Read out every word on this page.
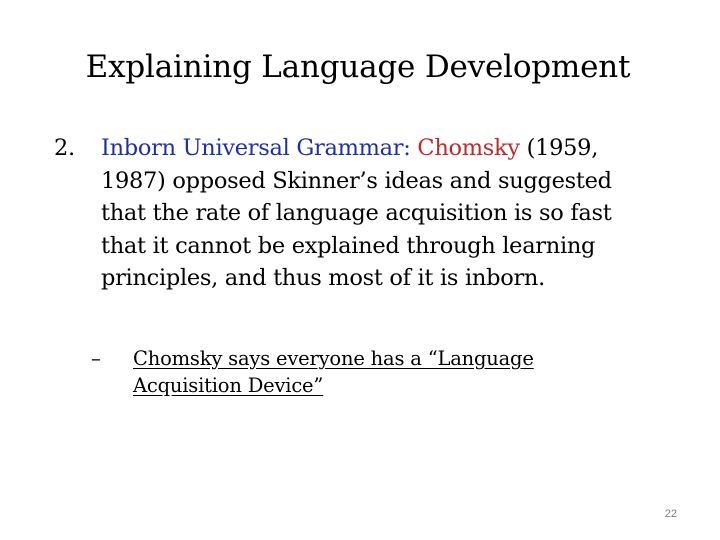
Explaining Language Development
2. Inborn Universal Grammar: Chomsky (1959,
1987) opposed Skinner’s ideas and suggested
that the rate of language acquisition is so fast
that it cannot be explained through learning
principles, and thus most of it is inborn.
– Chomsky says everyone has a “Language
Acquisition Device”
22
